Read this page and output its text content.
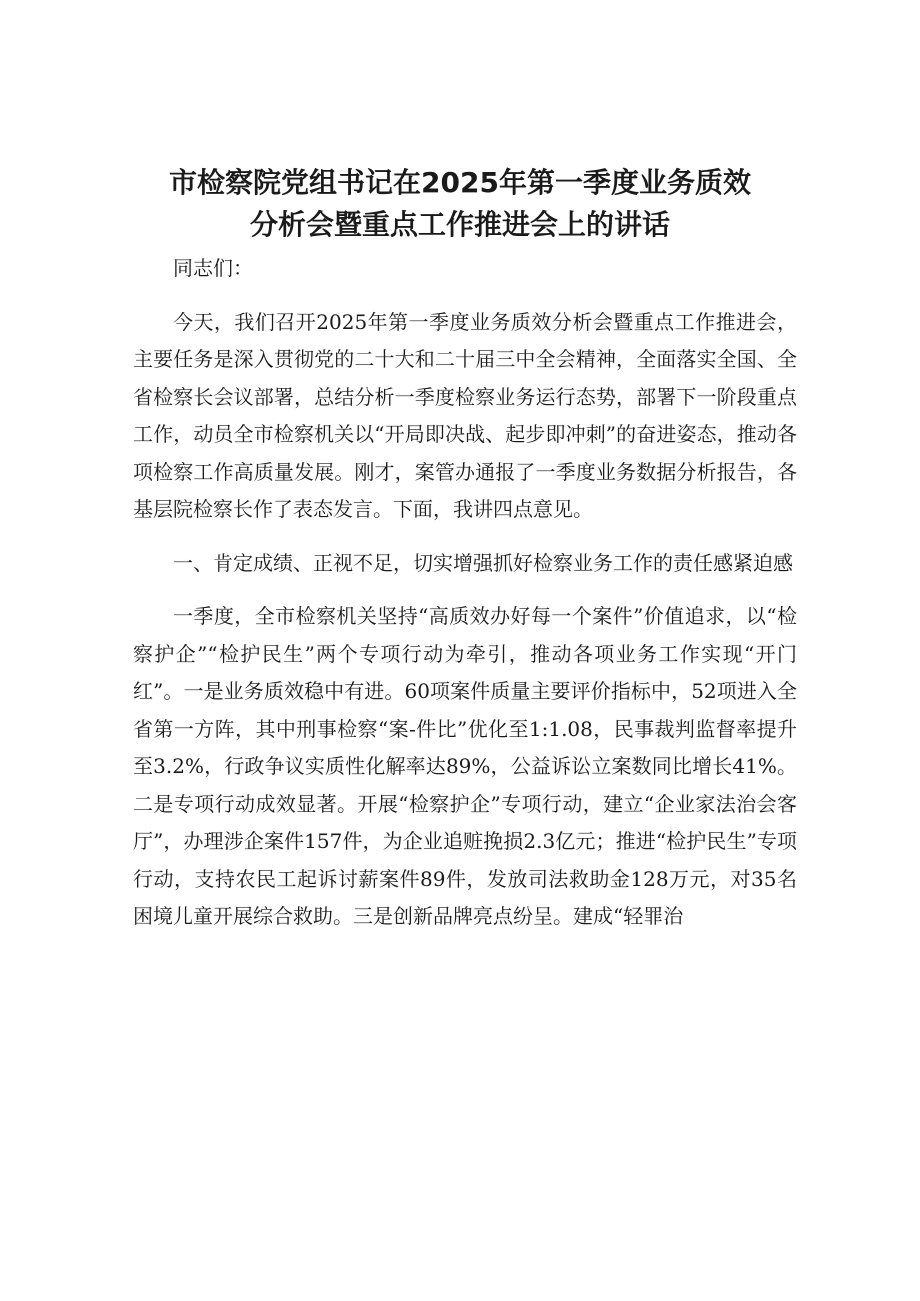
市检察院党组书记在2025年第一季度业务质效
分析会暨重点工作推进会上的讲话

同志们：

今天，我们召开2025年第一季度业务质效分析会暨重点工作推进会，主要任务是深入贯彻党的二十大和二十届三中全会精神，全面落实全国、全省检察长会议部署，总结分析一季度检察业务运行态势，部署下一阶段重点工作，动员全市检察机关以“开局即决战、起步即冲刺”的奋进姿态，推动各项检察工作高质量发展。刚才，案管办通报了一季度业务数据分析报告，各基层院检察长作了表态发言。下面，我讲四点意见。

一、肯定成绩、正视不足，切实增强抓好检察业务工作的责任感紧迫感

一季度，全市检察机关坚持“高质效办好每一个案件”价值追求，以“检察护企”“检护民生”两个专项行动为牵引，推动各项业务工作实现“开门红”。一是业务质效稳中有进。60项案件质量主要评价指标中，52项进入全省第一方阵，其中刑事检察“案-件比”优化至1:1.08，民事裁判监督率提升至3.2%，行政争议实质性化解率达89%，公益诉讼立案数同比增长41%。二是专项行动成效显著。开展“检察护企”专项行动，建立“企业家法治会客厅”，办理涉企案件157件，为企业追赃挽损2.3亿元；推进“检护民生”专项行动，支持农民工起诉讨薪案件89件，发放司法救助金128万元，对35名困境儿童开展综合救助。三是创新品牌亮点纷呈。建成“轻罪治
